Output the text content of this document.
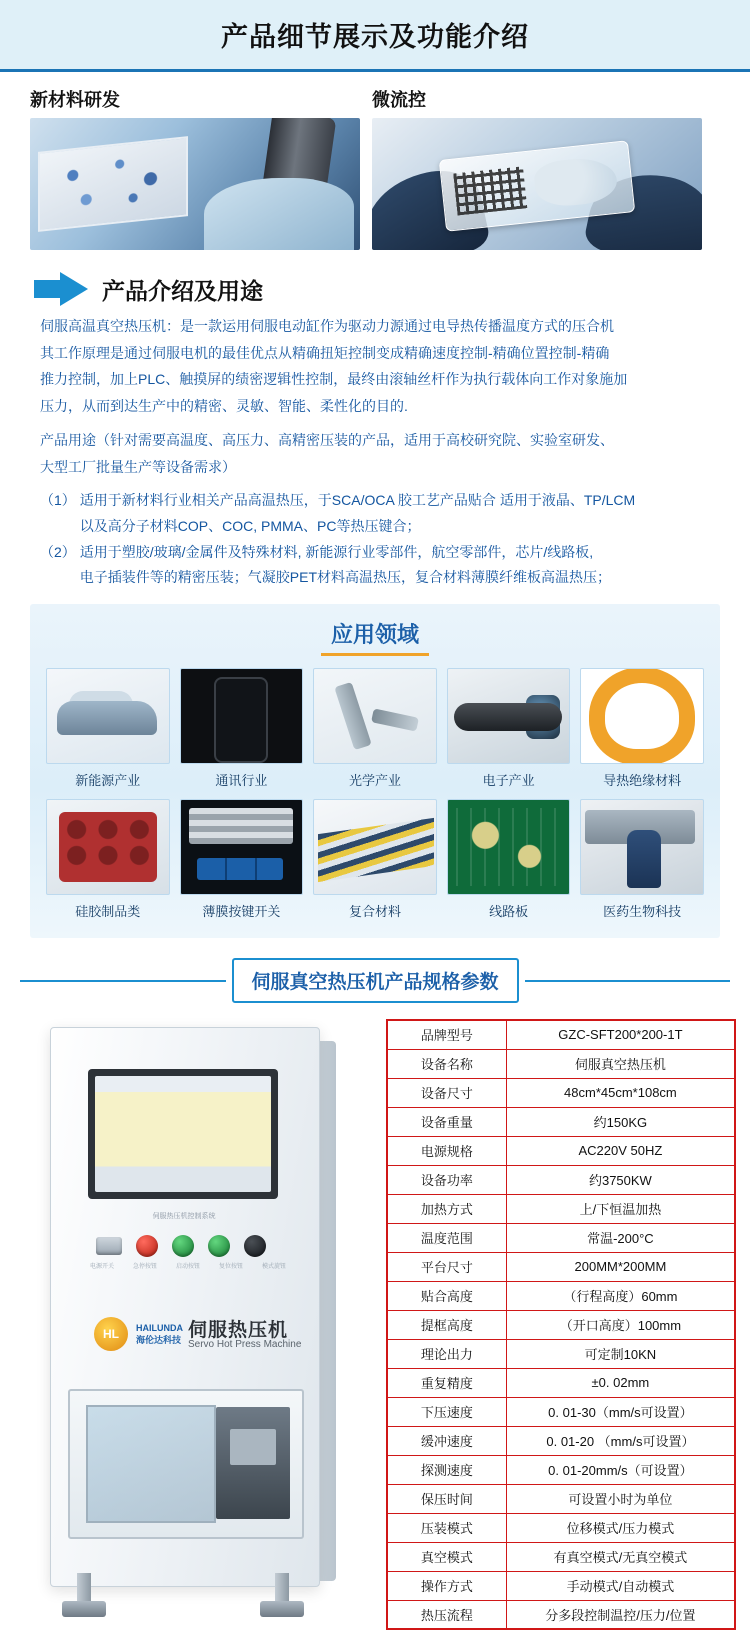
产品细节展示及功能介绍
新材料研发	微流控
产品介绍及用途

伺服高温真空热压机：是一款运用伺服电动缸作为驱动力源通过电导热传播温度方式的压合机

其工作原理是通过伺服电机的最佳优点从精确扭矩控制变成精确速度控制-精确位置控制-精确

推力控制，加上PLC、触摸屏的绩密逻辑性控制，最终由滚轴丝杆作为执行载体向工作对象施加

压力，从而到达生产中的精密、灵敏、智能、柔性化的目的.

产品用途（针对需要高温度、高压力、高精密压装的产品，适用于高校研究院、实验室研发、

大型工厂批量生产等设备需求）

（1） 适用于新材料行业相关产品高温热压，于SCA/OCA 胶工艺产品贴合 适用于液晶、TP/LCM

以及高分子材料COP、COC, PMMA、PC等热压键合；

（2） 适用于塑胶/玻璃/金属件及特殊材料, 新能源行业零部件，航空零部件，芯片/线路板,

电子插装件等的精密压装；气凝胶PET材料高温热压，复合材料薄膜纤维板高温热压；

应用领域
新能源产业	通讯行业	光学产业	电子产业	导热绝缘材料
硅胶制品类	薄膜按键开关	复合材料	线路板	医药生物科技
伺服真空热压机产品规格参数
伺服热压机控制系统
电源开关	急停按钮	启动按钮	复位按钮	模式旋钮
HL
HAILUNDA
海伦达科技 伺服热压机
Servo Hot Press Machine
品牌型号	GZC-SFT200*200-1T
设备名称	伺服真空热压机
设备尺寸	48cm*45cm*108cm
设备重量	约150KG
电源规格	AC220V 50HZ
设备功率	约3750KW
加热方式	上/下恒温加热
温度范围	常温-200°C
平台尺寸	200MM*200MM
贴合高度	（行程高度）60mm
提框高度	（开口高度）100mm
理论出力	可定制10KN
重复精度	±0. 02mm
下压速度	0. 01-30（mm/s可设置）
缓冲速度	0. 01-20 （mm/s可设置）
探测速度	0. 01-20mm/s（可设置）
保压时间	可设置小时为单位
压装模式	位移模式/压力模式
真空模式	有真空模式/无真空模式
操作方式	手动模式/自动模式
热压流程	分多段控制温控/压力/位置
